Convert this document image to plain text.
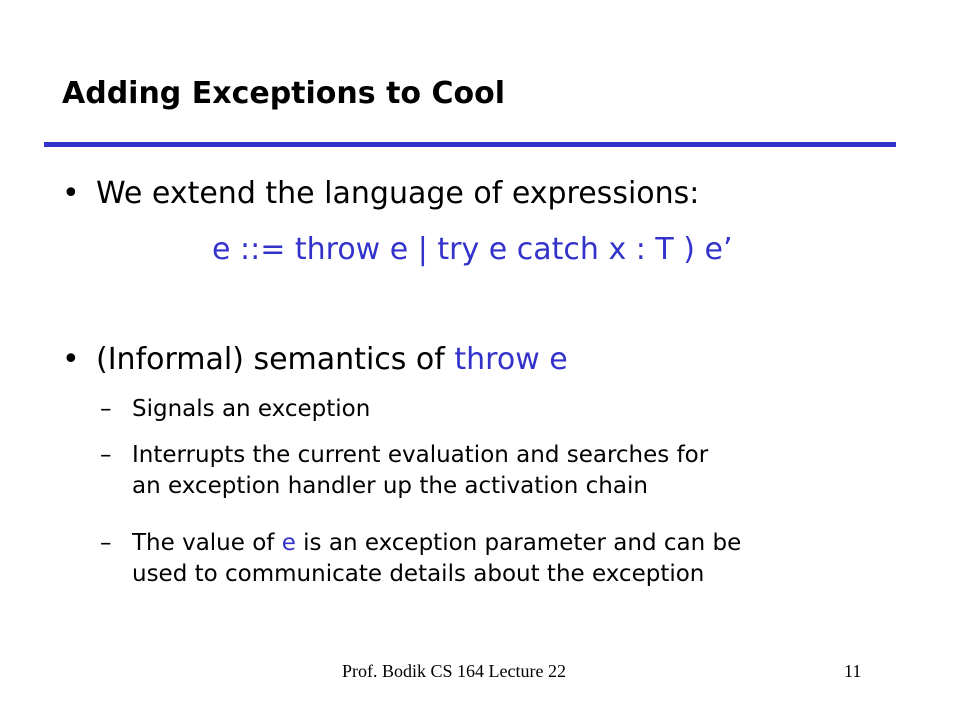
Adding Exceptions to Cool
• We extend the language of expressions:
e ::= throw e | try e catch x : T ) e’
• (Informal) semantics of throw e
– Signals an exception
– Interrupts the current evaluation and searches for
an exception handler up the activation chain
– The value of e is an exception parameter and can be
used to communicate details about the exception
Prof. Bodik CS 164 Lecture 22	11
